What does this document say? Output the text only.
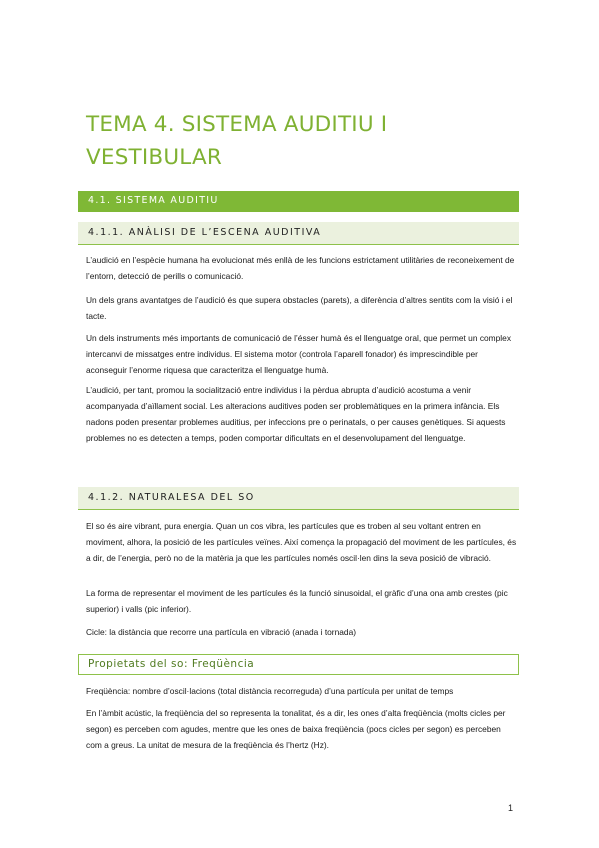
TEMA 4. SISTEMA AUDITIU I VESTIBULAR
4.1. SISTEMA AUDITIU
4.1.1. ANÀLISI DE L’ESCENA AUDITIVA

L’audició en l’espècie humana ha evolucionat més enllà de les funcions estrictament utilitàries de reconeixement de l’entorn, detecció de perills o comunicació.

Un dels grans avantatges de l’audició és que supera obstacles (parets), a diferència d’altres sentits com la visió i el tacte.

Un dels instruments més importants de comunicació de l’ésser humà és el llenguatge oral, que permet un complex intercanvi de missatges entre individus. El sistema motor (controla l’aparell fonador) és imprescindible per aconseguir l’enorme riquesa que caracteritza el llenguatge humà.

L’audició, per tant, promou la socialització entre individus i la pèrdua abrupta d’audició acostuma a venir acompanyada d’aïllament social. Les alteracions auditives poden ser problemàtiques en la primera infància. Els nadons poden presentar problemes auditius, per infeccions pre o perinatals, o per causes genètiques. Si aquests problemes no es detecten a temps, poden comportar dificultats en el desenvolupament del llenguatge.

4.1.2. NATURALESA DEL SO

El so és aire vibrant, pura energia. Quan un cos vibra, les partícules que es troben al seu voltant entren en moviment, alhora, la posició de les partícules veïnes. Així comença la propagació del moviment de les partícules, és a dir, de l’energia, però no de la matèria ja que les partícules només oscil·len dins la seva posició de vibració.

La forma de representar el moviment de les partícules és la funció sinusoidal, el gràfic d’una ona amb crestes (pic superior) i valls (pic inferior).

Cicle: la distància que recorre una partícula en vibració (anada i tornada)

Propietats del so: Freqüència

Freqüència: nombre d’oscil·lacions (total distància recorreguda) d’una partícula per unitat de temps

En l’àmbit acústic, la freqüència del so representa la tonalitat, és a dir, les ones d’alta freqüència (molts cicles per segon) es perceben com agudes, mentre que les ones de baixa freqüència (pocs cicles per segon) es perceben com a greus. La unitat de mesura de la freqüència és l’hertz (Hz).

1
